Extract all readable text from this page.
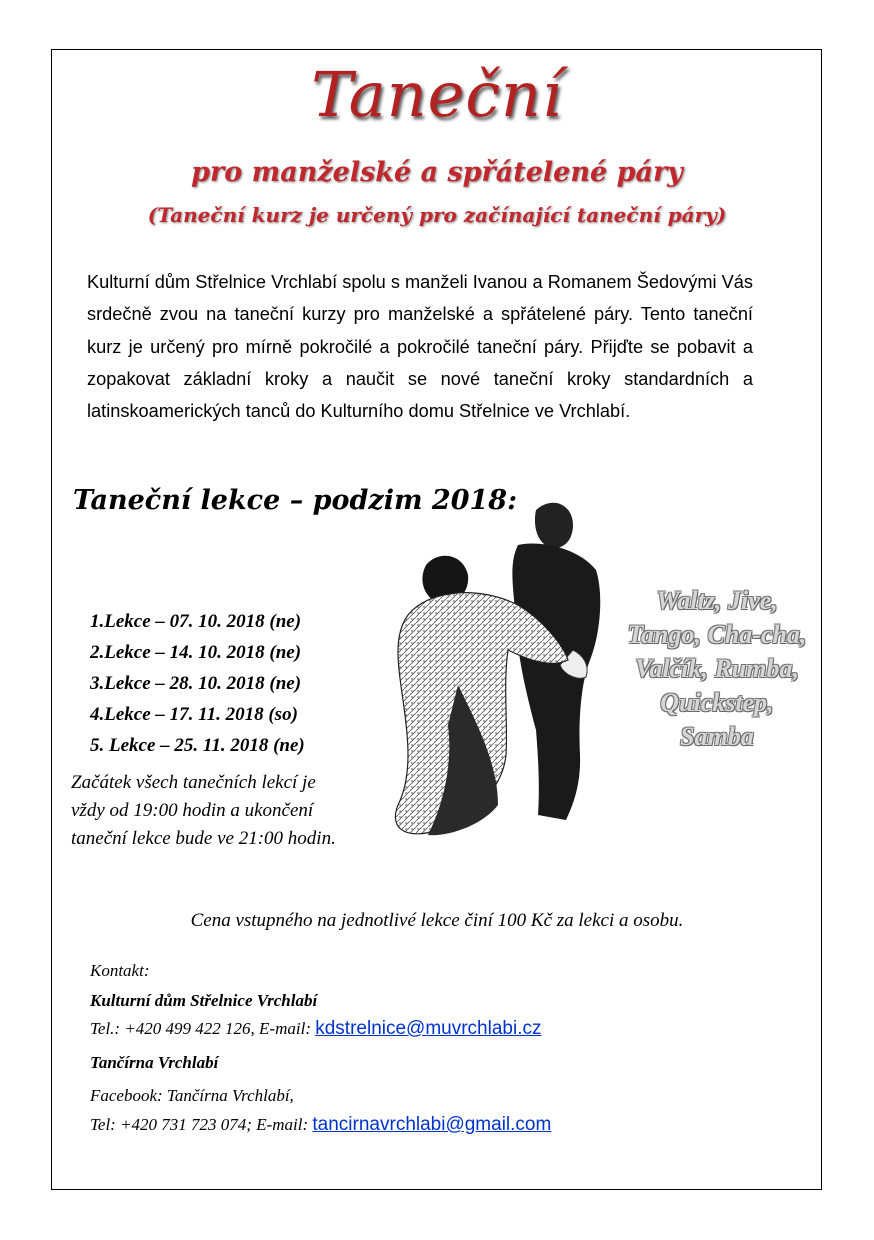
Taneční
pro manželské a spřátelené páry
(Taneční kurz je určený pro začínající taneční páry)
Kulturní dům Střelnice Vrchlabí spolu s manželi Ivanou a Romanem Šedovými Vás srdečně zvou na taneční kurzy pro manželské a spřátelené páry. Tento taneční kurz je určený pro mírně pokročilé a pokročilé taneční páry. Přijďte se pobavit a zopakovat základní kroky a naučit se nové taneční kroky standardních a latinskoamerických tanců do Kulturního domu Střelnice ve Vrchlabí.
Taneční lekce – podzim 2018:
1.Lekce – 07. 10. 2018 (ne)
2.Lekce – 14. 10. 2018 (ne)
3.Lekce – 28. 10. 2018 (ne)
4.Lekce – 17. 11. 2018 (so)
5. Lekce – 25. 11. 2018 (ne)
Waltz, Jive,
Tango, Cha-cha,
Valčík, Rumba,
Quickstep,
Samba
Začátek všech tanečních lekcí je vždy od 19:00 hodin a ukončení taneční lekce bude ve 21:00 hodin.
Cena vstupného na jednotlivé lekce činí 100 Kč za lekci a osobu.
Kontakt:
Kulturní dům Střelnice Vrchlabí
Tel.: +420 499 422 126, E-mail: kdstrelnice@muvrchlabi.cz
Tančírna Vrchlabí
Facebook: Tančírna Vrchlabí,
Tel: +420 731 723 074; E-mail: tancirnavrchlabi@gmail.com
